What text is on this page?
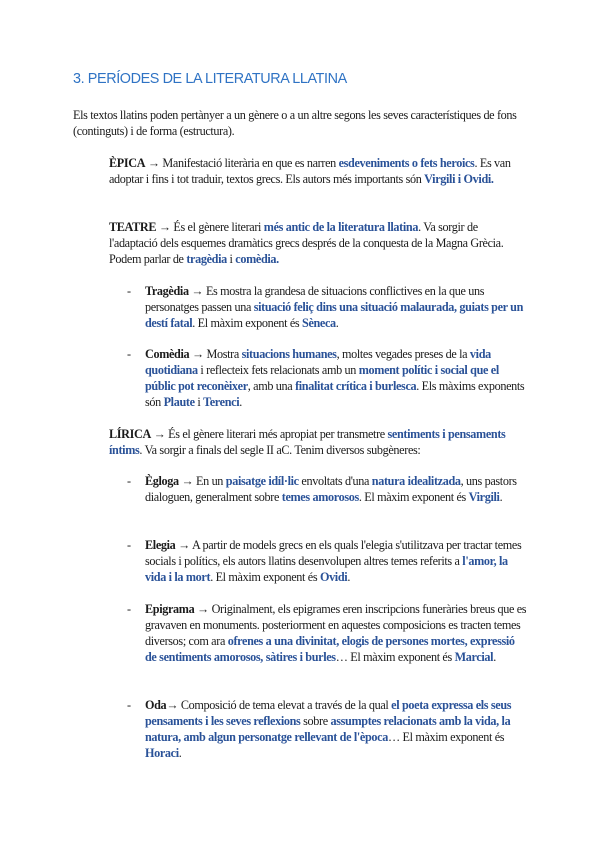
3. PERÍODES DE LA LITERATURA LLATINA

Els textos llatins poden pertànyer a un gènere o a un altre segons les seves característiques de fons (continguts) i de forma (estructura).

ÈPICA → Manifestació literària en que es narren esdeveniments o fets heroics. Es van adoptar i fins i tot traduir, textos grecs. Els autors més importants són Virgili i Ovidi.

TEATRE → És el gènere literari més antic de la literatura llatina. Va sorgir de l'adaptació dels esquemes dramàtics grecs després de la conquesta de la Magna Grècia. Podem parlar de tragèdia i comèdia.

- Tragèdia → Es mostra la grandesa de situacions conflictives en la que uns personatges passen una situació feliç dins una situació malaurada, guiats per un destí fatal. El màxim exponent és Sèneca.

- Comèdia → Mostra situacions humanes, moltes vegades preses de la vida quotidiana i reflecteix fets relacionats amb un moment polític i social que el públic pot reconèixer, amb una finalitat crítica i burlesca. Els màxims exponents són Plaute i Terenci.

LÍRICA → És el gènere literari més apropiat per transmetre sentiments i pensaments íntims. Va sorgir a finals del segle II aC. Tenim diversos subgèneres:

- Ègloga → En un paisatge idíl·lic envoltats d'una natura idealitzada, uns pastors dialoguen, generalment sobre temes amorosos. El màxim exponent és Virgili.

- Elegia → A partir de models grecs en els quals l'elegia s'utilitzava per tractar temes socials i polítics, els autors llatins desenvolupen altres temes referits a l'amor, la vida i la mort. El màxim exponent és Ovidi.

- Epigrama → Originalment, els epigrames eren inscripcions funeràries breus que es gravaven en monuments. posteriorment en aquestes composicions es tracten temes diversos; com ara ofrenes a una divinitat, elogis de persones mortes, expressió de sentiments amorosos, sàtires i burles… El màxim exponent és Marcial.

- Oda→ Composició de tema elevat a través de la qual el poeta expressa els seus pensaments i les seves reflexions sobre assumptes relacionats amb la vida, la natura, amb algun personatge rellevant de l'època… El màxim exponent és Horaci.
